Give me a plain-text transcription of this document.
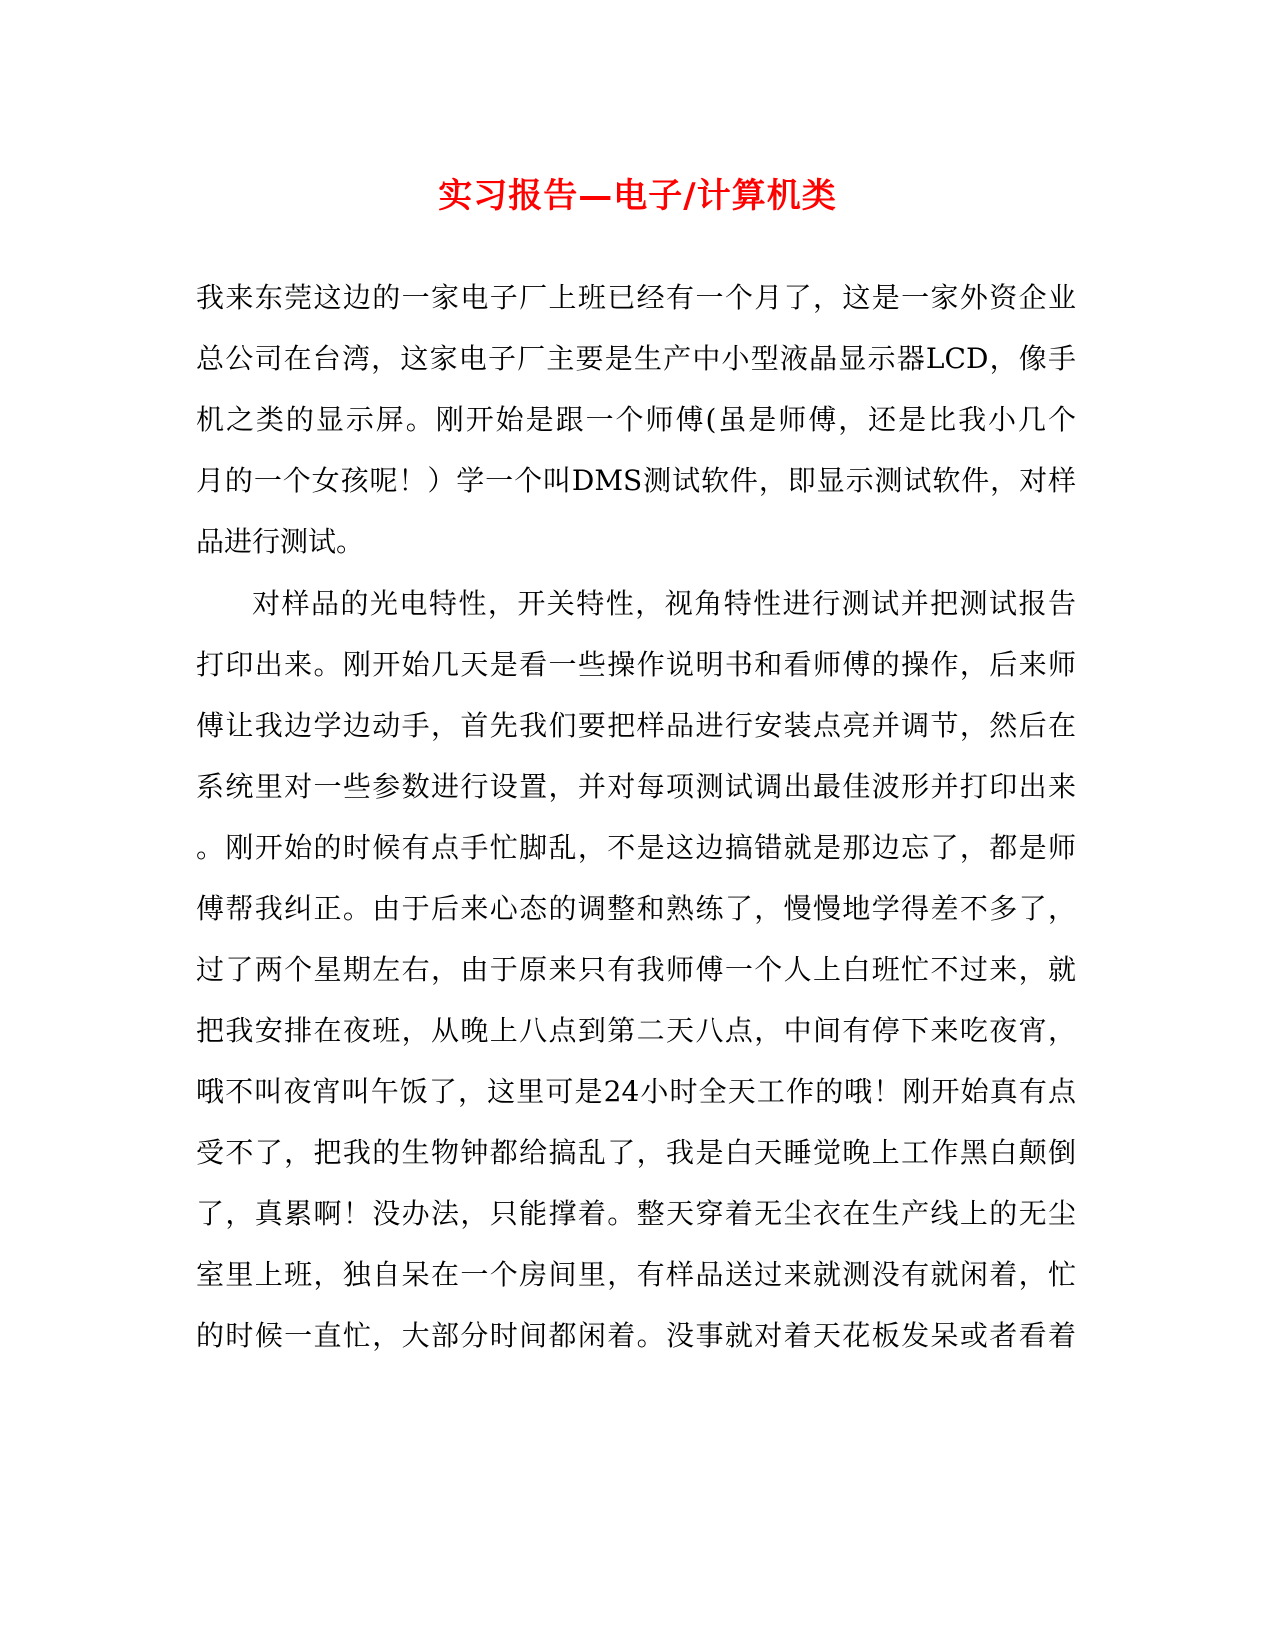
实习报告—电子/计算机类
我来东莞这边的一家电子厂上班已经有一个月了，这是一家外资企业
总公司在台湾，这家电子厂主要是生产中小型液晶显示器LCD，像手
机之类的显示屏。刚开始是跟一个师傅(虽是师傅，还是比我小几个
月的一个女孩呢！）学一个叫DMS测试软件，即显示测试软件，对样
品进行测试。
对样品的光电特性，开关特性，视角特性进行测试并把测试报告
打印出来。刚开始几天是看一些操作说明书和看师傅的操作，后来师
傅让我边学边动手，首先我们要把样品进行安装点亮并调节，然后在
系统里对一些参数进行设置，并对每项测试调出最佳波形并打印出来
。刚开始的时候有点手忙脚乱，不是这边搞错就是那边忘了，都是师
傅帮我纠正。由于后来心态的调整和熟练了，慢慢地学得差不多了，
过了两个星期左右，由于原来只有我师傅一个人上白班忙不过来，就
把我安排在夜班，从晚上八点到第二天八点，中间有停下来吃夜宵，
哦不叫夜宵叫午饭了，这里可是24小时全天工作的哦！刚开始真有点
受不了，把我的生物钟都给搞乱了，我是白天睡觉晚上工作黑白颠倒
了，真累啊！没办法，只能撑着。整天穿着无尘衣在生产线上的无尘
室里上班，独自呆在一个房间里，有样品送过来就测没有就闲着，忙
的时候一直忙，大部分时间都闲着。没事就对着天花板发呆或者看着
